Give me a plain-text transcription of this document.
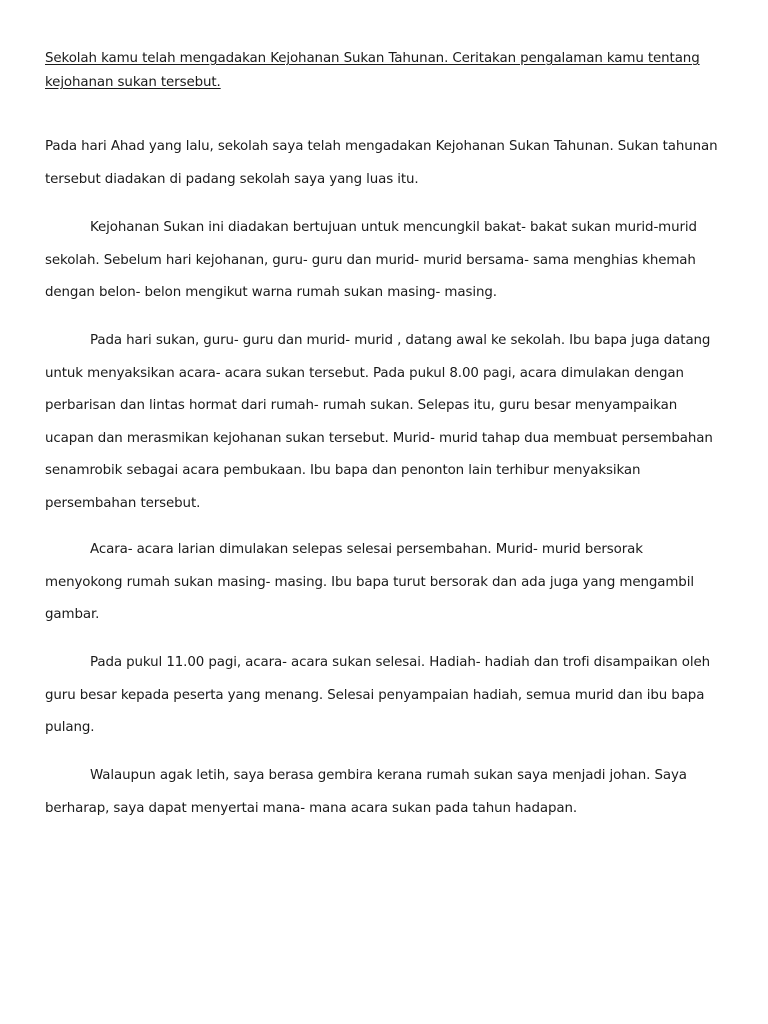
Sekolah kamu telah mengadakan Kejohanan Sukan Tahunan. Ceritakan pengalaman kamu tentang kejohanan sukan tersebut.

Pada hari Ahad yang lalu, sekolah saya telah mengadakan Kejohanan Sukan Tahunan. Sukan tahunan tersebut diadakan di padang sekolah saya yang luas itu.

Kejohanan Sukan ini diadakan bertujuan untuk mencungkil bakat- bakat sukan murid-murid sekolah. Sebelum hari kejohanan, guru- guru dan murid- murid bersama- sama menghias khemah dengan belon- belon mengikut warna rumah sukan masing- masing.

Pada hari sukan, guru- guru dan murid- murid , datang awal ke sekolah. Ibu bapa juga datang untuk menyaksikan acara- acara sukan tersebut. Pada pukul 8.00 pagi, acara dimulakan dengan perbarisan dan lintas hormat dari rumah- rumah sukan. Selepas itu, guru besar menyampaikan ucapan dan merasmikan kejohanan sukan tersebut. Murid- murid tahap dua membuat persembahan senamrobik sebagai acara pembukaan. Ibu bapa dan penonton lain terhibur menyaksikan persembahan tersebut.

Acara- acara larian dimulakan selepas selesai persembahan. Murid- murid bersorak menyokong rumah sukan masing- masing. Ibu bapa turut bersorak dan ada juga yang mengambil gambar.

Pada pukul 11.00 pagi, acara- acara sukan selesai. Hadiah- hadiah dan trofi disampaikan oleh guru besar kepada peserta yang menang. Selesai penyampaian hadiah, semua murid dan ibu bapa pulang.

Walaupun agak letih, saya berasa gembira kerana rumah sukan saya menjadi johan. Saya berharap, saya dapat menyertai mana- mana acara sukan pada tahun hadapan.
